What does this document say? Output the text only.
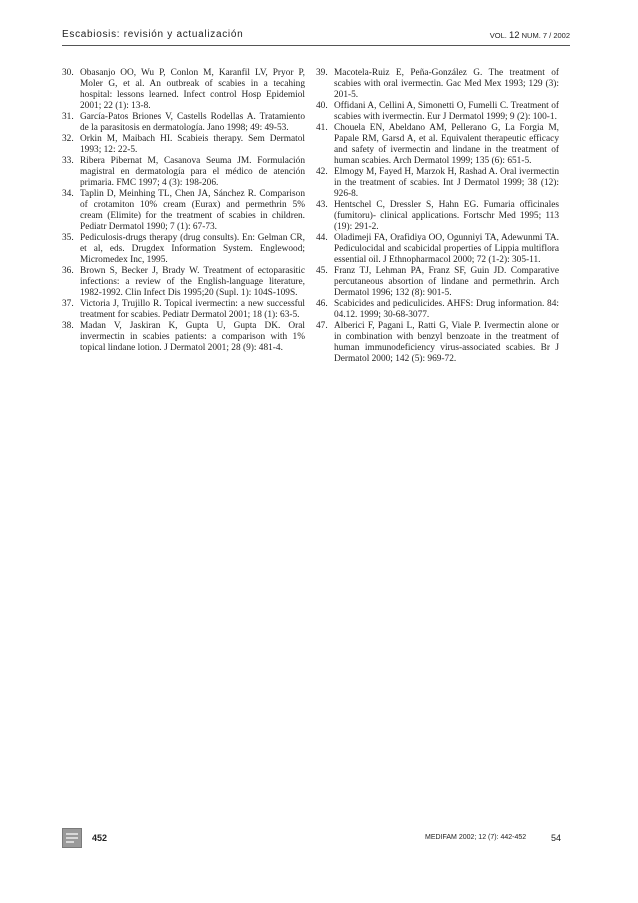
Escabiosis: revisión y actualización	VOL. 12 NUM. 7 / 2002
30. Obasanjo OO, Wu P, Conlon M, Karanfil LV, Pryor P, Moler G, et al. An outbreak of scabies in a tecahing hospital: lessons learned. Infect control Hosp Epidemiol 2001; 22 (1): 13-8.
31. García-Patos Briones V, Castells Rodellas A. Tratamiento de la parasitosis en dermatología. Jano 1998; 49: 49-53.
32. Orkin M, Maibach HI. Scabieis therapy. Sem Dermatol 1993; 12: 22-5.
33. Ribera Pibernat M, Casanova Seuma JM. Formulación magistral en dermatología para el médico de atención primaria. FMC 1997; 4 (3): 198-206.
34. Taplin D, Meinhing TL, Chen JA, Sánchez R. Comparison of crotamiton 10% cream (Eurax) and permethrin 5% cream (Elimite) for the treatment of scabies in children. Pediatr Dermatol 1990; 7 (1): 67-73.
35. Pediculosis-drugs therapy (drug consults). En: Gelman CR, et al, eds. Drugdex Information System. Englewood; Micromedex Inc, 1995.
36. Brown S, Becker J, Brady W. Treatment of ectoparasitic infections: a review of the English-language literature, 1982-1992. Clin Infect Dis 1995;20 (Supl. 1): 104S-109S.
37. Victoria J, Trujillo R. Topical ivermectin: a new successful treatment for scabies. Pediatr Dermatol 2001; 18 (1): 63-5.
38. Madan V, Jaskiran K, Gupta U, Gupta DK. Oral invermectin in scabies patients: a comparison with 1% topical lindane lotion. J Dermatol 2001; 28 (9): 481-4.
39. Macotela-Ruiz E, Peña-González G. The treatment of scabies with oral ivermectin. Gac Med Mex 1993; 129 (3): 201-5.
40. Offidani A, Cellini A, Simonetti O, Fumelli C. Treatment of scabies with ivermectin. Eur J Dermatol 1999; 9 (2): 100-1.
41. Chouela EN, Abeldano AM, Pellerano G, La Forgia M, Papale RM, Garsd A, et al. Equivalent therapeutic efficacy and safety of ivermectin and lindane in the treatment of human scabies. Arch Dermatol 1999; 135 (6): 651-5.
42. Elmogy M, Fayed H, Marzok H, Rashad A. Oral ivermectin in the treatment of scabies. Int J Dermatol 1999; 38 (12): 926-8.
43. Hentschel C, Dressler S, Hahn EG. Fumaria officinales (fumitoru)- clinical applications. Fortschr Med 1995; 113 (19): 291-2.
44. Oladimeji FA, Orafidiya OO, Ogunniyi TA, Adewunmi TA. Pediculocidal and scabicidal properties of Lippia multiflora essential oil. J Ethnopharmacol 2000; 72 (1-2): 305-11.
45. Franz TJ, Lehman PA, Franz SF, Guin JD. Comparative percutaneous absortion of lindane and permethrin. Arch Dermatol 1996; 132 (8): 901-5.
46. Scabicides and pediculicides. AHFS: Drug information. 84: 04.12. 1999; 30-68-3077.
47. Alberici F, Pagani L, Ratti G, Viale P. Ivermectin alone or in combination with benzyl benzoate in the treatment of human immunodeficiency virus-associated scabies. Br J Dermatol 2000; 142 (5): 969-72.
452	MEDIFAM 2002; 12 (7): 442-452	54
